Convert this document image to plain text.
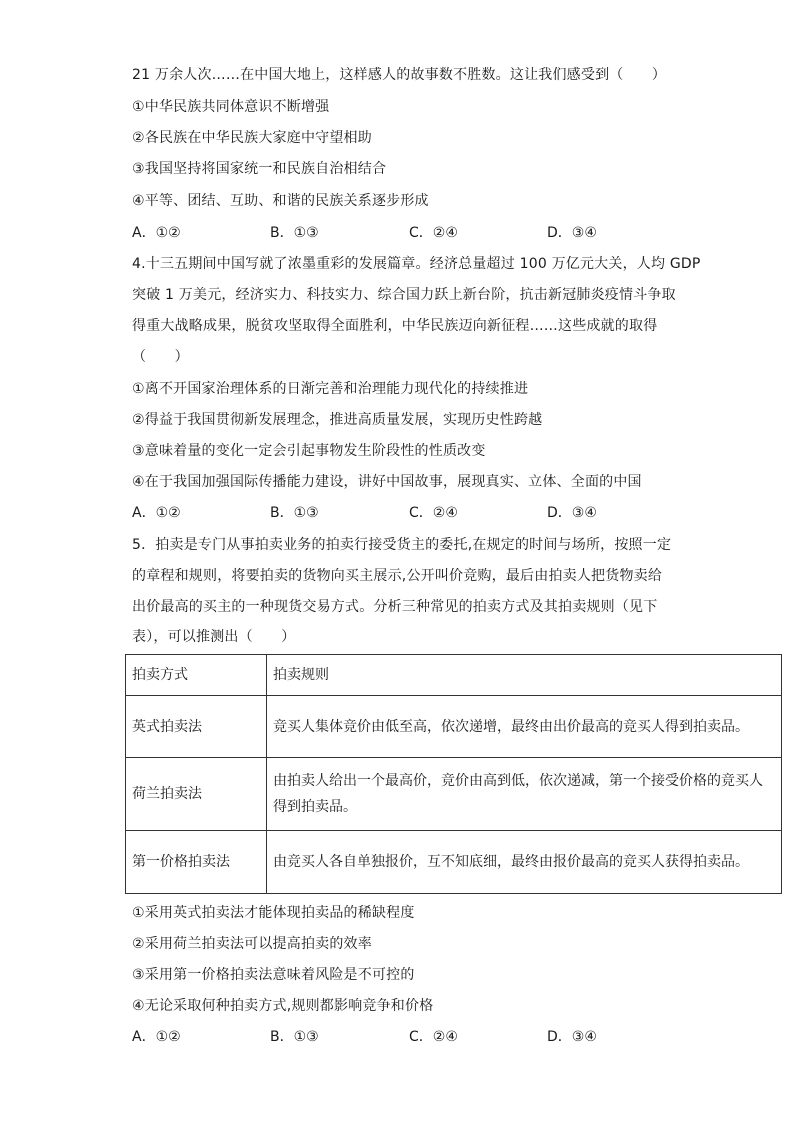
21 万余人次……在中国大地上，这样感人的故事数不胜数。这让我们感受到（　　）
①中华民族共同体意识不断增强
②各民族在中华民族大家庭中守望相助
③我国坚持将国家统一和民族自治相结合
④平等、团结、互助、和谐的民族关系逐步形成
A．①②	B．①③	C．②④	D．③④
4.十三五期间中国写就了浓墨重彩的发展篇章。经济总量超过 100 万亿元大关，人均 GDP
突破 1 万美元，经济实力、科技实力、综合国力跃上新台阶，抗击新冠肺炎疫情斗争取
得重大战略成果，脱贫攻坚取得全面胜利，中华民族迈向新征程……这些成就的取得
（　　）
①离不开国家治理体系的日渐完善和治理能力现代化的持续推进
②得益于我国贯彻新发展理念，推进高质量发展，实现历史性跨越
③意味着量的变化一定会引起事物发生阶段性的性质改变
④在于我国加强国际传播能力建设，讲好中国故事，展现真实、立体、全面的中国
A．①②	B．①③	C．②④	D．③④
5．拍卖是专门从事拍卖业务的拍卖行接受货主的委托,在规定的时间与场所，按照一定
的章程和规则，将要拍卖的货物向买主展示,公开叫价竞购，最后由拍卖人把货物卖给
出价最高的买主的一种现货交易方式。分析三种常见的拍卖方式及其拍卖规则（见下
表），可以推测出（　　）
拍卖方式	拍卖规则
英式拍卖法	竞买人集体竞价由低至高，依次递增，最终由出价最高的竞买人得到拍卖品。
荷兰拍卖法	由拍卖人给出一个最高价，竞价由高到低，依次递减，第一个接受价格的竞买人得到拍卖品。
第一价格拍卖法	由竞买人各自单独报价，互不知底细，最终由报价最高的竞买人获得拍卖品。
①采用英式拍卖法才能体现拍卖品的稀缺程度
②采用荷兰拍卖法可以提高拍卖的效率
③采用第一价格拍卖法意味着风险是不可控的
④无论采取何种拍卖方式,规则都影响竞争和价格
A．①②	B．①③	C．②④	D．③④
